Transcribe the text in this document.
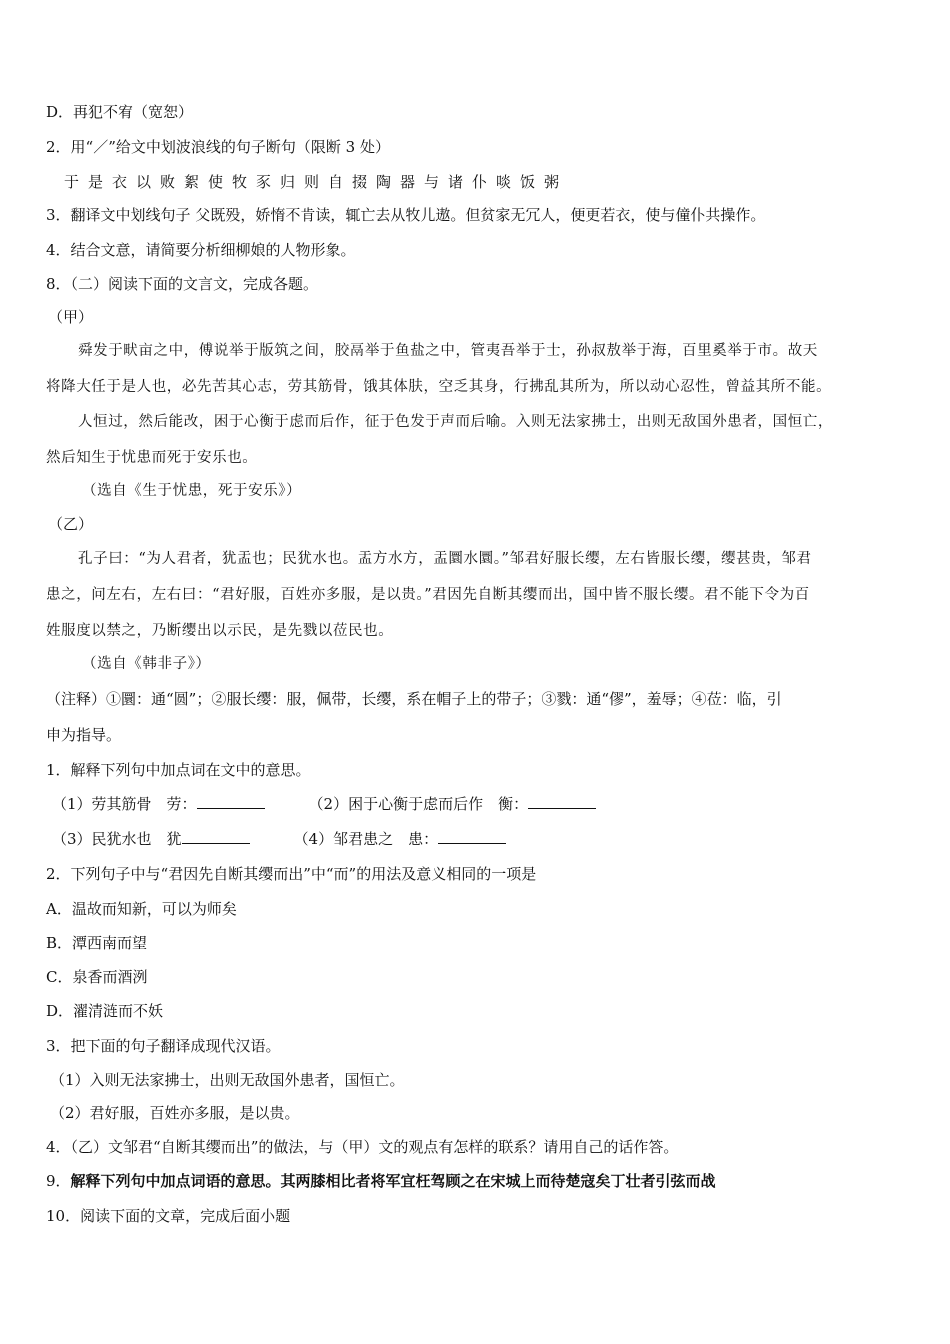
D．再犯不宥（宽恕）
2．用“／”给文中划波浪线的句子断句（限断 3 处）
于是衣以败絮使牧豕归则自掇陶器与诸仆啖饭粥
3．翻译文中划线句子 父既殁，娇惰不肯读，辄亡去从牧儿遨。但贫家无冗人，便更若衣，使与僮仆共操作。
4．结合文意，请简要分析细柳娘的人物形象。
8．（二）阅读下面的文言文，完成各题。
（甲）
舜发于畎亩之中，傅说举于版筑之间，胶鬲举于鱼盐之中，管夷吾举于士，孙叔敖举于海，百里奚举于市。故天
将降大任于是人也，必先苦其心志，劳其筋骨，饿其体肤，空乏其身，行拂乱其所为，所以动心忍性，曾益其所不能。
人恒过，然后能改，困于心衡于虑而后作，征于色发于声而后喻。入则无法家拂士，出则无敌国外患者，国恒亡，
然后知生于忧患而死于安乐也。
（选自《生于忧患，死于安乐》）
（乙）
孔子曰：“为人君者，犹盂也；民犹水也。盂方水方，盂圜水圜。”邹君好服长缨，左右皆服长缨，缨甚贵，邹君
患之，问左右，左右曰：“君好服，百姓亦多服，是以贵。”君因先自断其缨而出，国中皆不服长缨。君不能下令为百
姓服度以禁之，乃断缨出以示民，是先戮以莅民也。
（选自《韩非子》）
（注释）①圜：通“圆”；②服长缨：服，佩带，长缨，系在帽子上的带子；③戮：通“僇”，羞辱；④莅：临，引
申为指导。
1．解释下列句中加点词在文中的意思。
（1）劳其筋骨　劳：	（2）困于心衡于虑而后作　衡：
（3）民犹水也　犹	（4）邹君患之　患：
2．下列句子中与“君因先自断其缨而出”中“而”的用法及意义相同的一项是
A．温故而知新，可以为师矣
B．潭西南而望
C．泉香而酒洌
D．濯清涟而不妖
3．把下面的句子翻译成现代汉语。
（1）入则无法家拂士，出则无敌国外患者，国恒亡。
（2）君好服，百姓亦多服，是以贵。
4．（乙）文邹君“自断其缨而出”的做法，与（甲）文的观点有怎样的联系？请用自己的话作答。
9．解释下列句中加点词语的意思。其两膝相比者将军宜枉驾顾之在宋城上而待楚寇矣丁壮者引弦而战
10．阅读下面的文章，完成后面小题
